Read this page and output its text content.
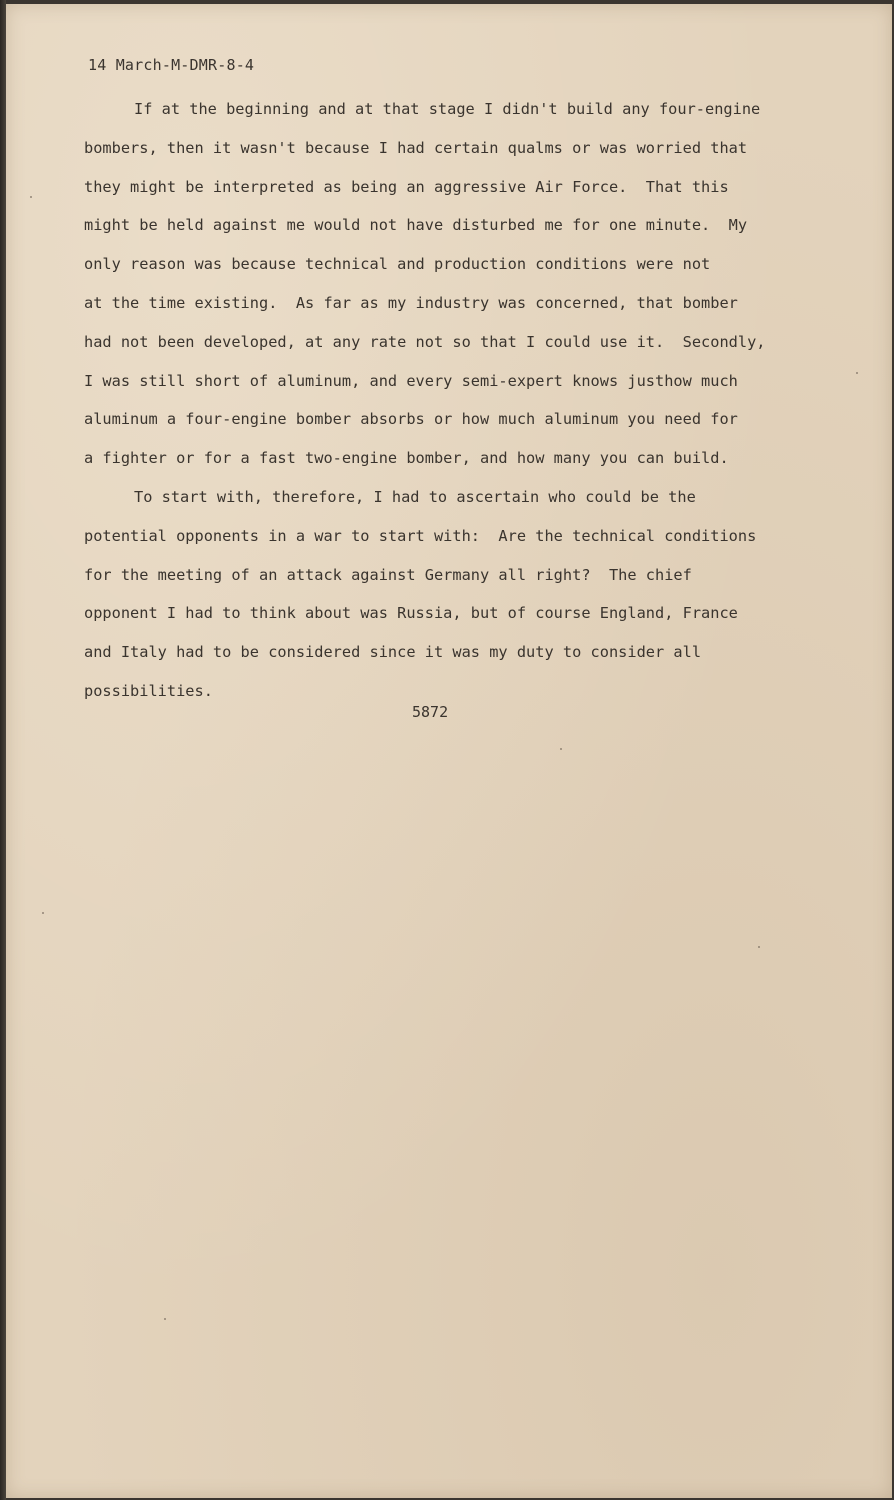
14 March-M-DMR-8-4
If at the beginning and at that stage I didn't build any four-engine
bombers, then it wasn't because I had certain qualms or was worried that
they might be interpreted as being an aggressive Air Force.  That this
might be held against me would not have disturbed me for one minute.  My
only reason was because technical and production conditions were not
at the time existing.  As far as my industry was concerned, that bomber
had not been developed, at any rate not so that I could use it.  Secondly,
I was still short of aluminum, and every semi-expert knows justhow much
aluminum a four-engine bomber absorbs or how much aluminum you need for
a fighter or for a fast two-engine bomber, and how many you can build.
To start with, therefore, I had to ascertain who could be the
potential opponents in a war to start with:  Are the technical conditions
for the meeting of an attack against Germany all right?  The chief
opponent I had to think about was Russia, but of course England, France
and Italy had to be considered since it was my duty to consider all
possibilities.
5872
